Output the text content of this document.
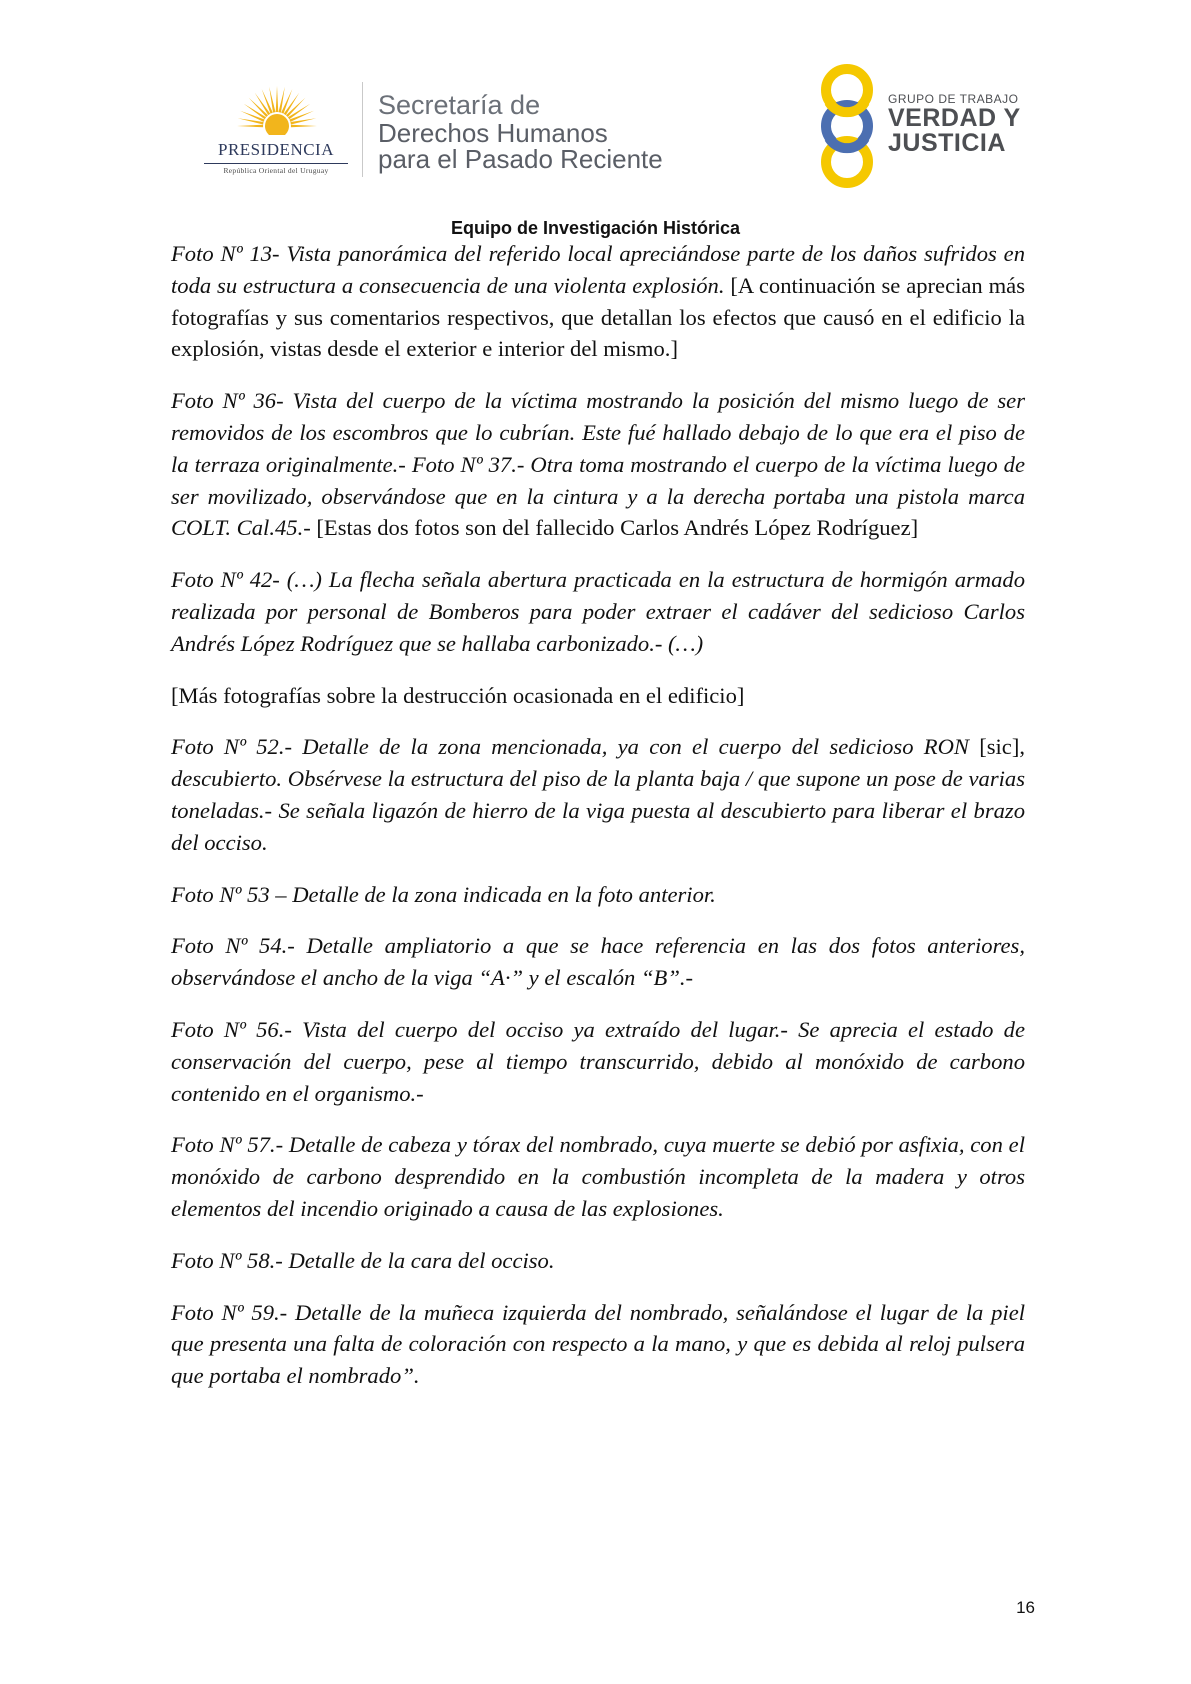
PRESIDENCIA
República Oriental del Uruguay
Secretaría de
Derechos Humanos
para el Pasado Reciente
GRUPO DE TRABAJO
VERDAD Y
JUSTICIA
Equipo de Investigación Histórica

Foto Nº 13- Vista panorámica del referido local apreciándose parte de los daños sufridos en toda su estructura a consecuencia de una violenta explosión. [A continuación se aprecian más fotografías y sus comentarios respectivos, que detallan los efectos que causó en el edificio la explosión, vistas desde el exterior e interior del mismo.]

Foto Nº 36- Vista del cuerpo de la víctima mostrando la posición del mismo luego de ser removidos de los escombros que lo cubrían. Este fué hallado debajo de lo que era el piso de la terraza originalmente.- Foto Nº 37.- Otra toma mostrando el cuerpo de la víctima luego de ser movilizado, observándose que en la cintura y a la derecha portaba una pistola marca COLT. Cal.45.- [Estas dos fotos son del fallecido Carlos Andrés López Rodríguez]

Foto Nº 42- (…) La flecha señala abertura practicada en la estructura de hormigón armado realizada por personal de Bomberos para poder extraer el cadáver del sedicioso Carlos Andrés López Rodríguez que se hallaba carbonizado.- (…)

[Más fotografías sobre la destrucción ocasionada en el edificio]

Foto Nº 52.- Detalle de la zona mencionada, ya con el cuerpo del sedicioso RON [sic], descubierto. Obsérvese la estructura del piso de la planta baja / que supone un pose de varias toneladas.- Se señala ligazón de hierro de la viga puesta al descubierto para liberar el brazo del occiso.

Foto Nº 53 – Detalle de la zona indicada en la foto anterior.

Foto Nº 54.- Detalle ampliatorio a que se hace referencia en las dos fotos anteriores, observándose el ancho de la viga “A·” y el escalón “B”.-

Foto Nº 56.- Vista del cuerpo del occiso ya extraído del lugar.- Se aprecia el estado de conservación del cuerpo, pese al tiempo transcurrido, debido al monóxido de carbono contenido en el organismo.-

Foto Nº 57.- Detalle de cabeza y tórax del nombrado, cuya muerte se debió por asfixia, con el monóxido de carbono desprendido en la combustión incompleta de la madera y otros elementos del incendio originado a causa de las explosiones.

Foto Nº 58.- Detalle de la cara del occiso.

Foto Nº 59.- Detalle de la muñeca izquierda del nombrado, señalándose el lugar de la piel que presenta una falta de coloración con respecto a la mano, y que es debida al reloj pulsera que portaba el nombrado”.

16
